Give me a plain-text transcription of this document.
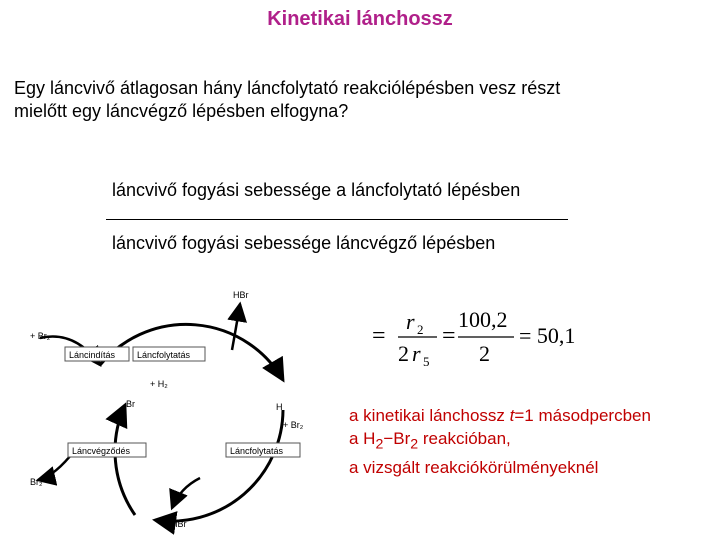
Kinetikai lánchossz
Egy láncvivő átlagosan hány láncfolytató reakciólépésben vesz részt
mielőtt egy láncvégző lépésben elfogyna?
láncvivő fogyási sebessége a láncfolytató lépésben
láncvivő fogyási sebessége láncvégző lépésben
HBr
HBr
+ Br₂
Br₂
+ H₂
+ Br₂
Br	H
Láncindítás Láncfolytatás
Láncvégződés	Láncfolytatás
=
r 2
2 r 5
=
100,2
2
= 50,1
a kinetikai lánchossz t=1 másodpercben
a $H_2-Br_2$ reakcióban,
a vizsgált reakciókörülményeknél
